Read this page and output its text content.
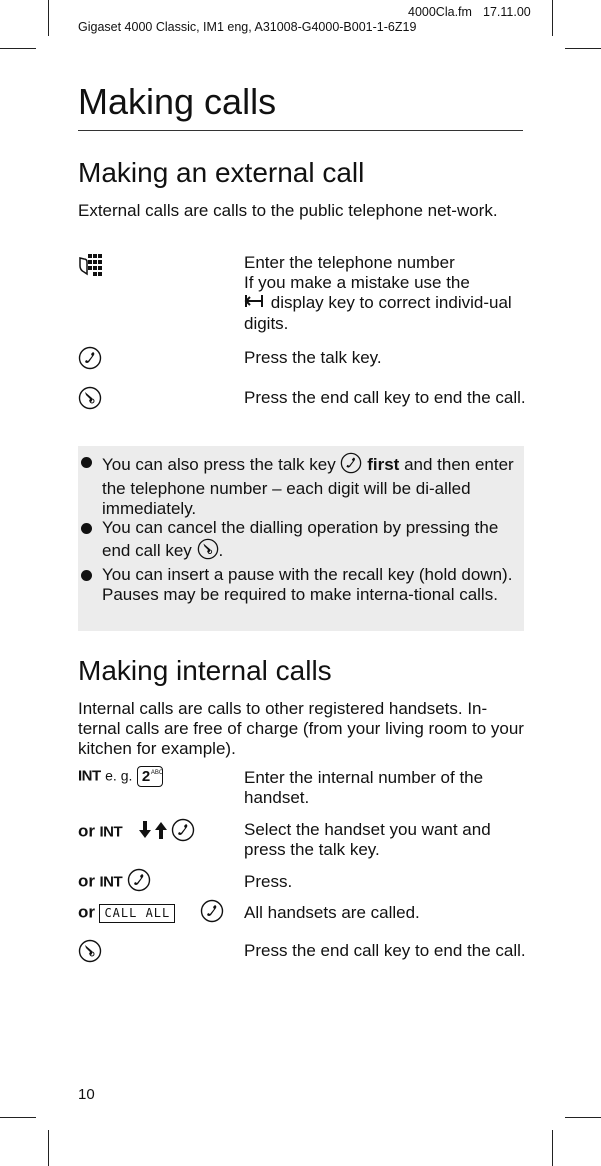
4000Cla.fm 17.11.00
Gigaset 4000 Classic, IM1 eng, A31008-G4000-B001-1-6Z19
Making calls
Making an external call

External calls are calls to the public telephone net-work.

Enter the telephone number
If you make a mistake use the
display key to correct individ-ual digits.
Press the talk key.
Press the end call key to end the call.
You can also press the talk key first and then enter the telephone number – each digit will be di-alled immediately.
You can cancel the dialling operation by pressing the end call key .
You can insert a pause with the recall key (hold down). Pauses may be required to make interna-tional calls.
Making internal calls

Internal calls are calls to other registered handsets. In-ternal calls are free of charge (from your living room to your kitchen for example).

INT e. g. 2 ABC	Enter the internal number of the handset.
or INT	Select the handset you want and press the talk key.
or INT	Press.
or CALL ALL	All handsets are called.
Press the end call key to end the call.
10
